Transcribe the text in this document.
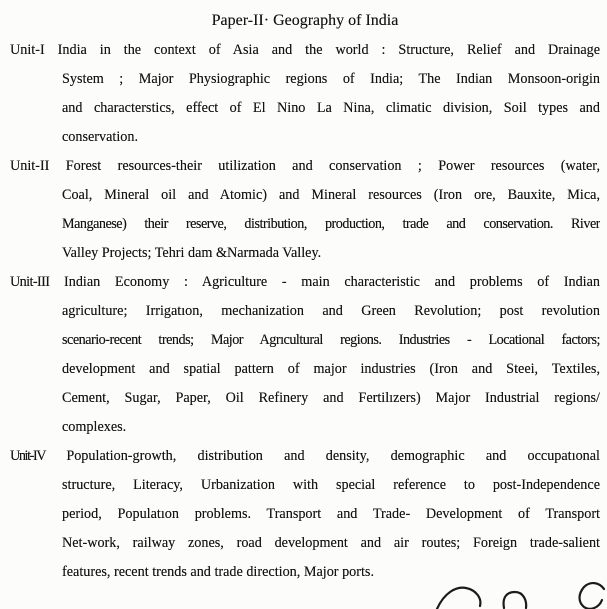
Paper-II· Geography of India
Unit-I India in the context of Asia and the world : Structure, Relief and Drainage
System ; Major Physiographic regions of India; The Indian Monsoon-origin
and characterstics, effect of El Nino La Nina, climatic division, Soil types and
conservation.
Unit-II Forest resources-their utilization and conservation ; Power resources (water,
Coal, Mineral oil and Atomic) and Mineral resources (Iron ore, Bauxite, Mica,
Manganese) their reserve, distribution, production, trade and conservation. River
Valley Projects; Tehri dam &Narmada Valley.
Unit-III Indian Economy : Agriculture - main characteristic and problems of Indian
agriculture; Irrigatıon, mechanization and Green Revolution; post revolution
scenario-recent trends; Major Agrıcultural regions. Industries - Locational factors;
development and spatial pattern of major industries (Iron and Steei, Textiles,
Cement, Sugar, Paper, Oil Refinery and Fertilızers) Major Industrial regions/
complexes.
Unit-IV Population-growth, distribution and density, demographic and occupatıonal
structure, Literacy, Urbanization with special reference to post-Independence
period, Populatıon problems. Transport and Trade- Development of Transport
Net-work, railway zones, road development and air routes; Foreign trade-salient
features, recent trends and trade direction, Major ports.
